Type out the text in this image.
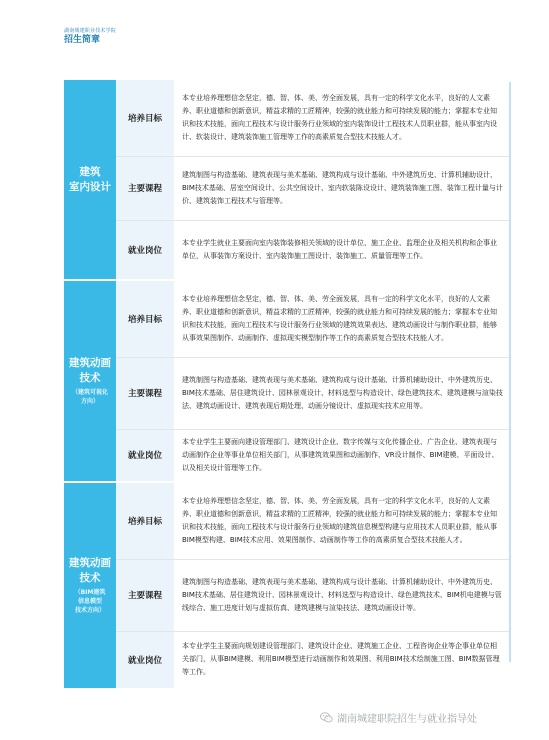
湖南城建职业技术学院
招生简章
建筑
室内设计
培养目标
本专业培养理想信念坚定，德、智、体、美、劳全面发展，具有一定的科学文化水平，良好的人文素养、职业道德和创新意识，精益求精的工匠精神，较强的就业能力和可持续发展的能力；掌握本专业知识和技术技能，面向工程技术与设计服务行业领域的室内装饰设计工程技术人员职业群，能从事室内设计、软装设计、建筑装饰施工管理等工作的高素质复合型技术技能人才。
主要课程
建筑制图与构造基础、建筑表现与美术基础、建筑构成与设计基础、中外建筑历史、计算机辅助设计、BIM技术基础、居室空间设计、公共空间设计、室内软装陈设设计、建筑装饰施工图、装饰工程计量与计价、建筑装饰工程技术与管理等。
就业岗位
本专业学生就业主要面向室内装饰装修相关领域的设计单位、施工企业、监理企业及相关机构和企事业单位，从事装饰方案设计、室内装饰施工图设计、装饰施工、质量管理等工作。
建筑动画
技术
（建筑可视化
方向）
培养目标
本专业培养理想信念坚定，德、智、体、美、劳全面发展，具有一定的科学文化水平，良好的人文素养、职业道德和创新意识，精益求精的工匠精神，较强的就业能力和可持续发展的能力；掌握本专业知识和技术技能，面向工程技术与设计服务行业领域的建筑效果表达、建筑动画设计与制作职业群，能够从事效果图制作、动画制作、虚拟现实模型制作等工作的高素质复合型技术技能人才。
主要课程
建筑制图与构造基础、建筑表现与美术基础、建筑构成与设计基础、计算机辅助设计、中外建筑历史、BIM技术基础、居住建筑设计、园林景观设计、材料选型与构造设计、绿色建筑技术、建筑建模与渲染技法、建筑动画设计、建筑表现后期处理、动画分镜设计、虚拟现实技术应用等。
就业岗位
本专业学生主要面向建设管理部门、建筑设计企业、数字传媒与文化传播企业、广告企业、建筑表现与动画制作企业等事业单位相关部门，从事建筑效果图和动画制作、VR设计制作、BIM建模、平面设计、以及相关设计管理等工作。
建筑动画
技术
（BIM建筑
信息模型
技术方向）
培养目标
本专业培养理想信念坚定，德、智、体、美、劳全面发展，具有一定的科学文化水平，良好的人文素养、职业道德和创新意识，精益求精的工匠精神，较强的就业能力和可持续发展的能力；掌握本专业知识和技术技能，面向工程技术与设计服务行业领域的建筑信息模型构建与应用技术人员职业群，能从事BIM模型构建、BIM技术应用、效果图制作、动画制作等工作的高素质复合型技术技能人才。
主要课程
建筑制图与构造基础、建筑表现与美术基础、建筑构成与设计基础、计算机辅助设计、中外建筑历史、BIM技术基础、居住建筑设计、园林景观设计、材料选型与构造设计、绿色建筑技术、BIM机电建模与管线综合、施工进度计划与虚拟仿真、建筑建模与渲染技法、建筑动画设计等。
就业岗位
本专业学生主要面向规划建设管理部门、建筑设计企业、建筑施工企业、工程咨询企业等企事业单位相关部门，从事BIM建模、利用BIM模型进行动画制作和效果图、利用BIM技术绘制施工图、BIM数据管理等工作。
湖南城建职院招生与就业指导处
